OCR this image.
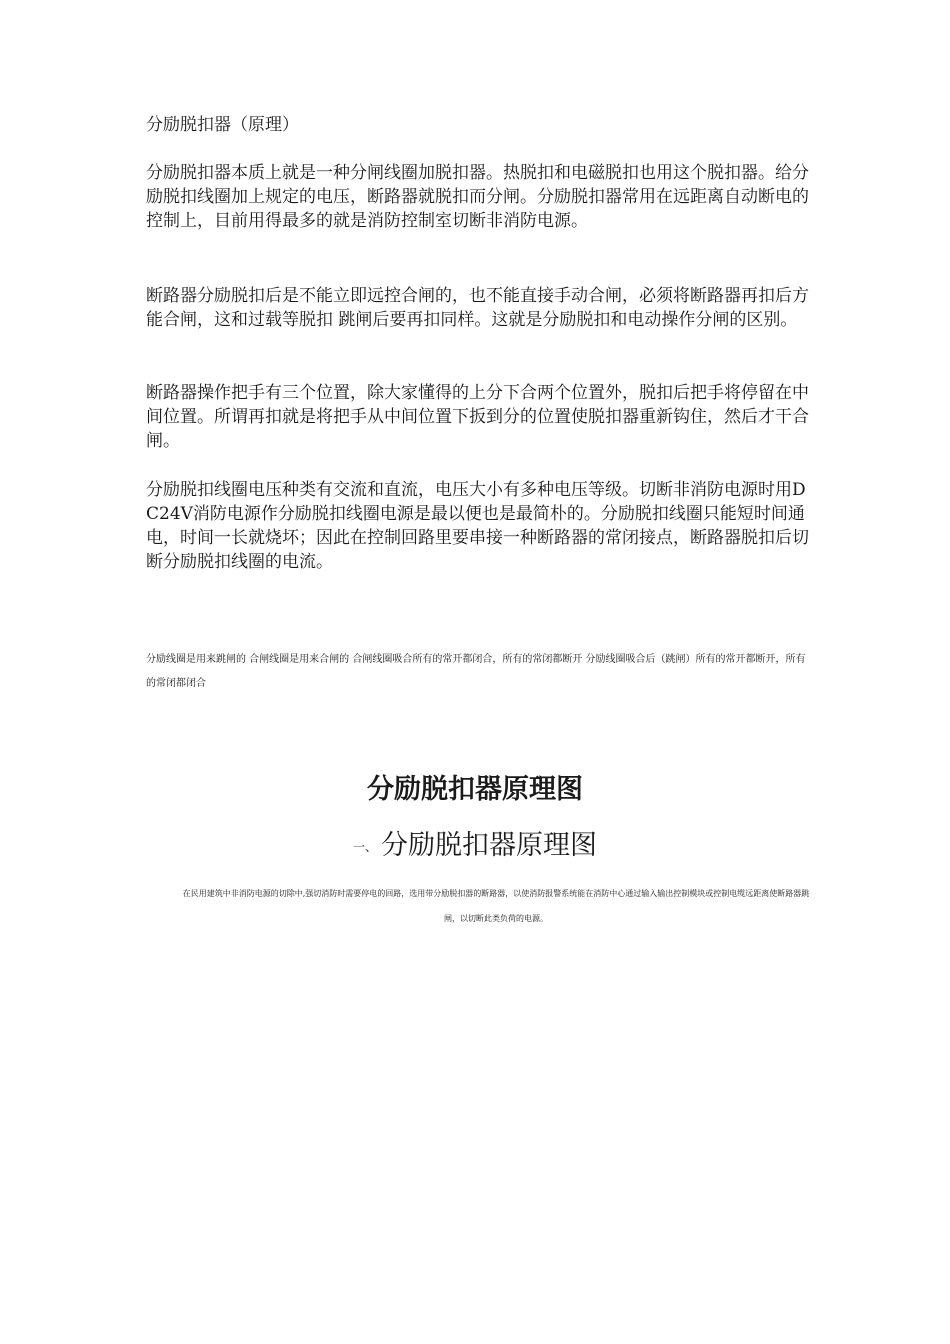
分励脱扣器（原理）

分励脱扣器本质上就是一种分闸线圈加脱扣器。热脱扣和电磁脱扣也用这个脱扣器。给分励脱扣线圈加上规定的电压，断路器就脱扣而分闸。分励脱扣器常用在远距离自动断电的控制上，目前用得最多的就是消防控制室切断非消防电源。

断路器分励脱扣后是不能立即远控合闸的，也不能直接手动合闸，必须将断路器再扣后方能合闸，这和过载等脱扣 跳闸后要再扣同样。这就是分励脱扣和电动操作分闸的区别。

断路器操作把手有三个位置，除大家懂得的上分下合两个位置外，脱扣后把手将停留在中间位置。所谓再扣就是将把手从中间位置下扳到分的位置使脱扣器重新钩住，然后才干合闸。

分励脱扣线圈电压种类有交流和直流，电压大小有多种电压等级。切断非消防电源时用DC24V消防电源作分励脱扣线圈电源是最以便也是最简朴的。分励脱扣线圈只能短时间通电，时间一长就烧坏；因此在控制回路里要串接一种断路器的常闭接点，断路器脱扣后切断分励脱扣线圈的电流。

分励线圈是用来跳闸的 合闸线圈是用来合闸的 合闸线圈吸合所有的常开都闭合，所有的常闭都断开 分励线圈吸合后（跳闸）所有的常开都断开，所有的常闭都闭合

分励脱扣器原理图
一、 分励脱扣器原理图

在民用建筑中非消防电源的切除中,强切消防时需要停电的回路，选用带分励脱扣器的断路器，以使消防报警系统能在消防中心通过输入输出控制模块或控制电缆远距离使断路器跳闸，以切断此类负荷的电源。
